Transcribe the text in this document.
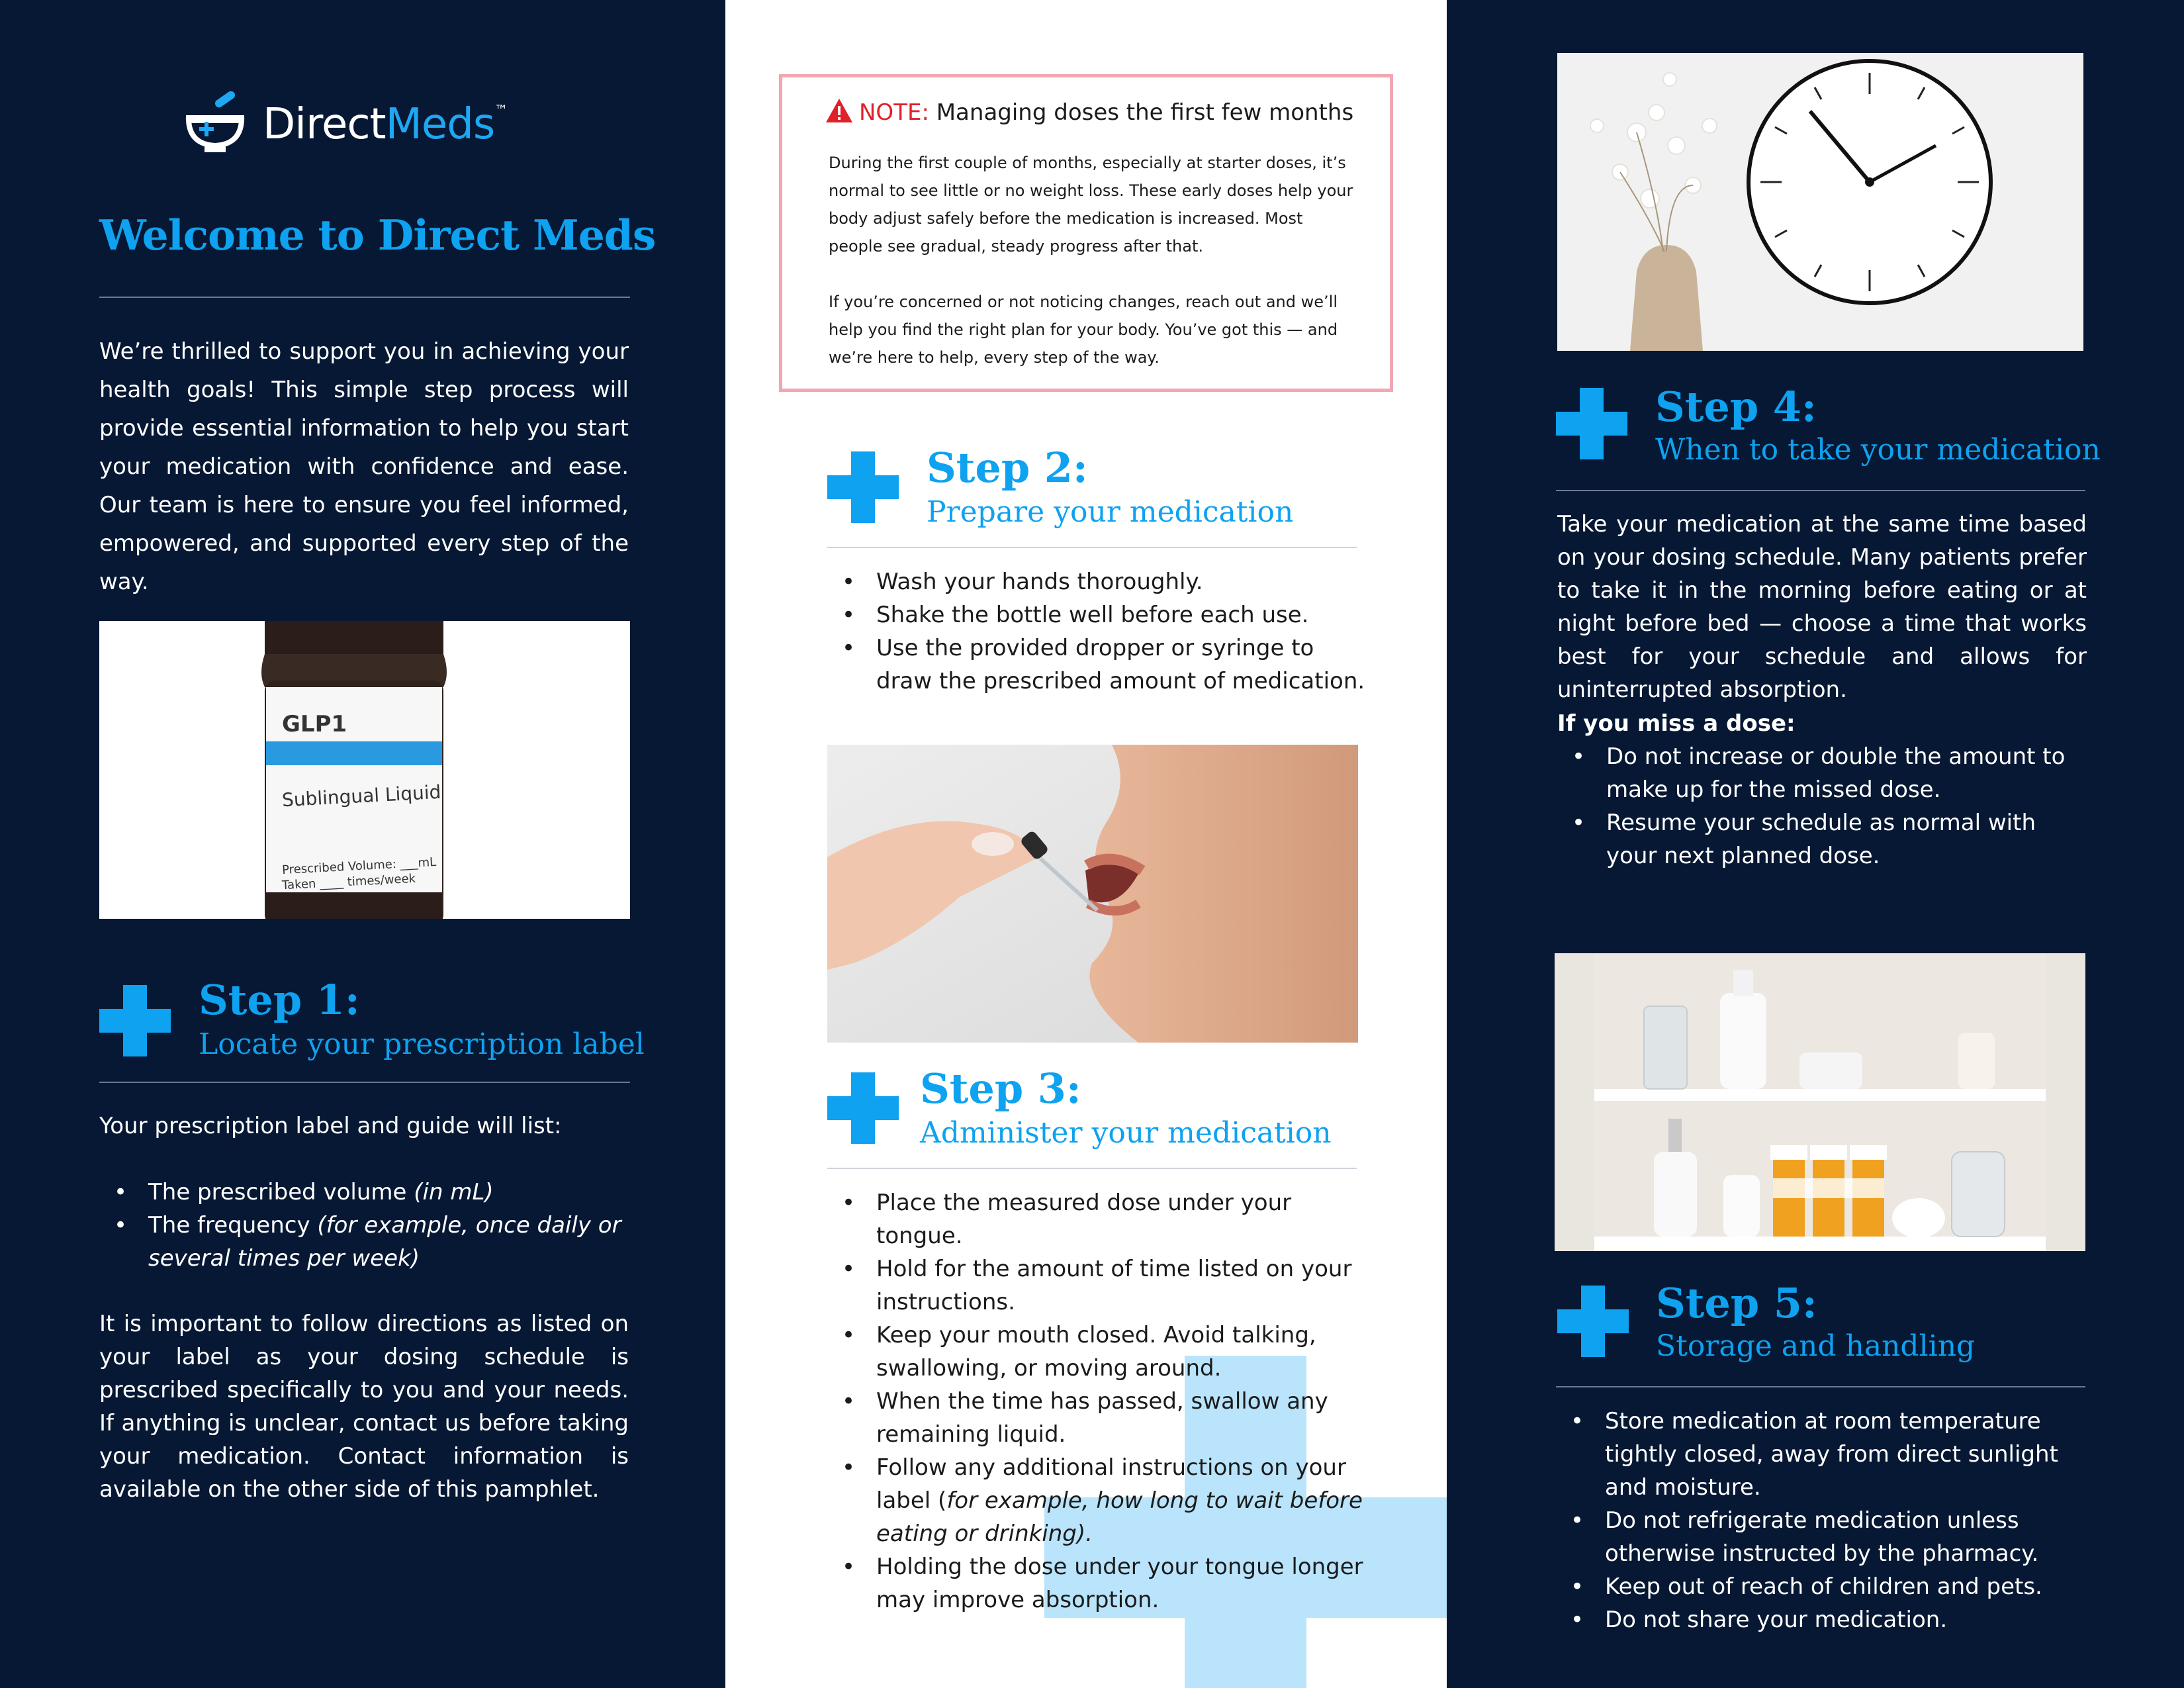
DirectMeds™
Welcome to Direct Meds
We’re thrilled to support you in achieving your health goals! This simple step process will provide essential information to help you start your medication with confidence and ease. Our team is here to ensure you feel informed, empowered, and supported every step of the way.
GLP1
Sublingual Liquid
Prescribed Volume: ___mL
Taken ____ times/week
Step 1:
Locate your prescription label
Your prescription label and guide will list:
• The prescribed volume (in mL)
• The frequency (for example, once daily or several times per week)
It is important to follow directions as listed on your label as your dosing schedule is prescribed specifically to you and your needs. If anything is unclear, contact us before taking your medication. Contact information is available on the other side of this pamphlet.
NOTE: Managing doses the first few months

During the first couple of months, especially at starter doses, it’s normal to see little or no weight loss. These early doses help your body adjust safely before the medication is increased. Most people see gradual, steady progress after that.

If you’re concerned or not noticing changes, reach out and we’ll help you find the right plan for your body. You’ve got this — and we’re here to help, every step of the way.

Step 2:
Prepare your medication
• Wash your hands thoroughly.
• Shake the bottle well before each use.
• Use the provided dropper or syringe to draw the prescribed amount of medication.
Step 3:
Administer your medication
• Place the measured dose under your tongue.
• Hold for the amount of time listed on your instructions.
• Keep your mouth closed. Avoid talking, swallowing, or moving around.
• When the time has passed, swallow any remaining liquid.
• Follow any additional instructions on your label (for example, how long to wait before eating or drinking).
• Holding the dose under your tongue longer may improve absorption.
Step 4:
When to take your medication
Take your medication at the same time based on your dosing schedule. Many patients prefer to take it in the morning before eating or at night before bed — choose a time that works best for your schedule and allows for uninterrupted absorption.
If you miss a dose:
• Do not increase or double the amount to make up for the missed dose.
• Resume your schedule as normal with your next planned dose.
Step 5:
Storage and handling
• Store medication at room temperature tightly closed, away from direct sunlight and moisture.
• Do not refrigerate medication unless otherwise instructed by the pharmacy.
• Keep out of reach of children and pets.
• Do not share your medication.
